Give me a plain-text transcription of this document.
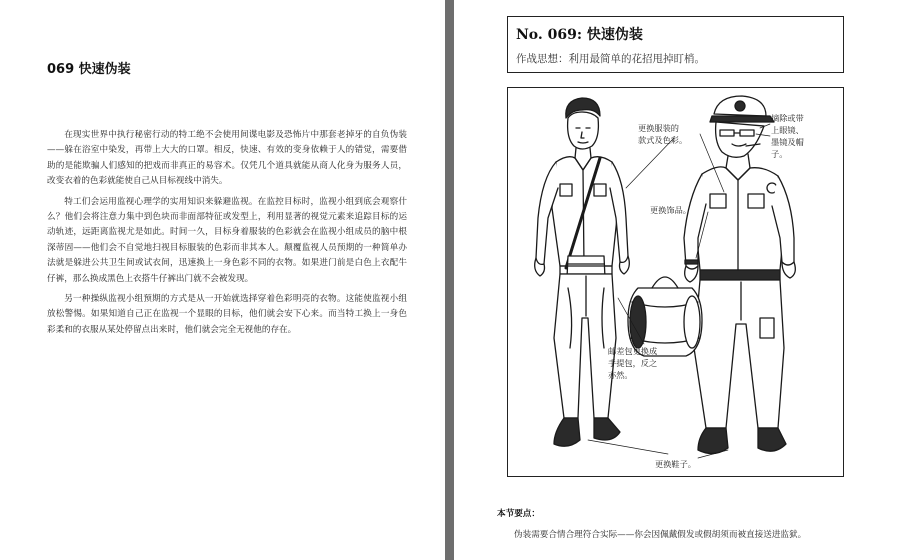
069 快速伪装

在现实世界中执行秘密行动的特工绝不会使用间谍电影及恐怖片中那套老掉牙的自负伪装——躲在浴室中染发，再带上大大的口罩。相反，快速、有效的变身依赖于人的错觉，需要借助的是能欺骗人们感知的把戏而非真正的易容术。仅凭几个道具就能从商人化身为服务人员，改变衣着的色彩就能使自己从目标视线中消失。

特工们会运用监视心理学的实用知识来躲避监视。在监控目标时，监视小组到底会观察什么？他们会将注意力集中到色块而非面部特征或发型上，利用显著的视觉元素来追踪目标的运动轨迹，远距离监视尤是如此。时间一久，目标身着服装的色彩就会在监视小组成员的脑中根深蒂固——他们会不自觉地扫视目标服装的色彩而非其本人。颠覆监视人员预期的一种简单办法就是躲进公共卫生间或试衣间，迅速换上一身色彩不同的衣物。如果进门前是白色上衣配牛仔裤，那么换成黑色上衣搭牛仔裤出门就不会被发现。

另一种操纵监视小组预期的方式是从一开始就选择穿着色彩明亮的衣物。这能使监视小组放松警惕。如果知道自己正在监视一个显眼的目标，他们就会安下心来。而当特工换上一身色彩柔和的衣服从某处停留点出来时，他们就会完全无视他的存在。

No. 069: 快速伪装
作战思想：利用最简单的花招甩掉盯梢。
更换服装的
款式及色彩。
摘除或带
上眼镜、
墨镜及帽
子。
更换饰品。
邮差包更换成
手提包，反之
亦然。
更换鞋子。
本节要点：
伪装需要合情合理符合实际——你会因佩戴假发或假胡须而被直接送进监狱。
